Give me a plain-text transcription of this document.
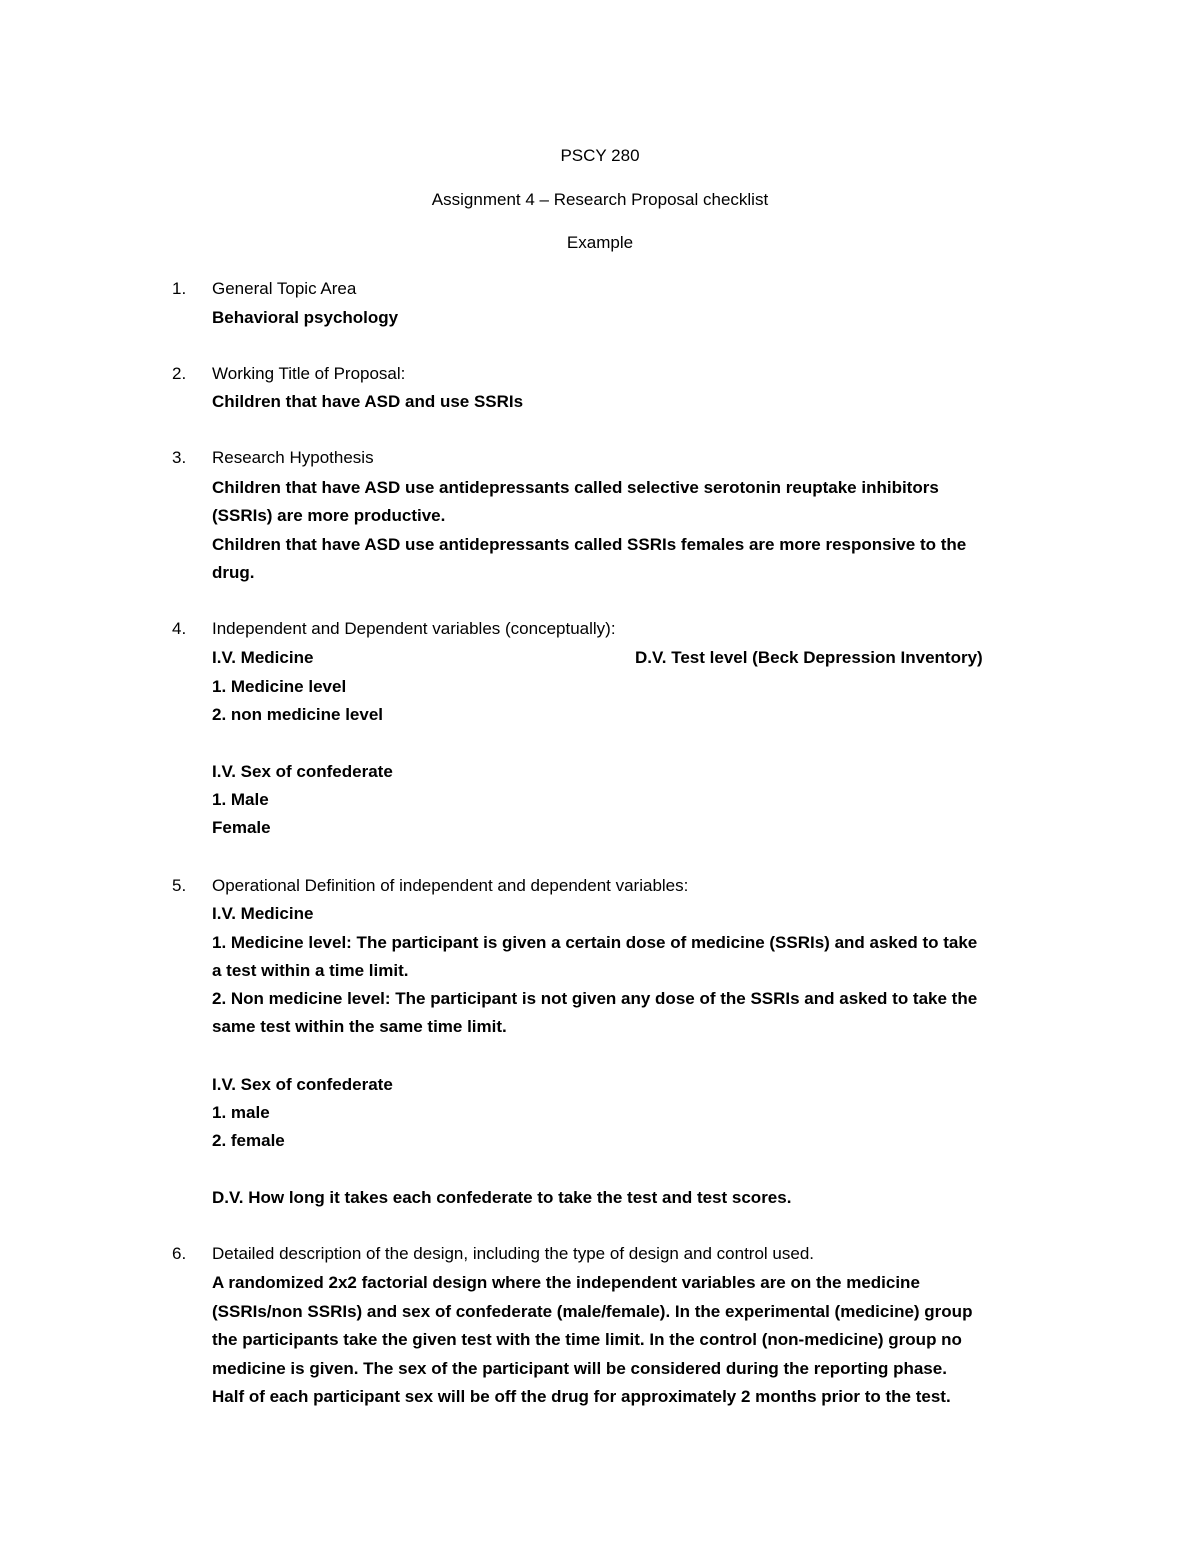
PSCY 280
Assignment 4 – Research Proposal checklist
Example
1.	General Topic Area
Behavioral psychology
2.	Working Title of Proposal:
Children that have ASD and use SSRIs
3.	Research Hypothesis
Children that have ASD use antidepressants called selective serotonin reuptake inhibitors
(SSRIs) are more productive.
Children that have ASD use antidepressants called SSRIs females are more responsive to the
drug.
4.	Independent and Dependent variables (conceptually):
I.V. Medicine	D.V. Test level (Beck Depression Inventory)
1. Medicine level
2. non medicine level
I.V. Sex of confederate
1. Male
Female
5.	Operational Definition of independent and dependent variables:
I.V. Medicine
1. Medicine level: The participant is given a certain dose of medicine (SSRIs) and asked to take
a test within a time limit.
2. Non medicine level: The participant is not given any dose of the SSRIs and asked to take the
same test within the same time limit.
I.V. Sex of confederate
1. male
2. female
D.V. How long it takes each confederate to take the test and test scores.
6.	Detailed description of the design, including the type of design and control used.
A randomized 2x2 factorial design where the independent variables are on the medicine
(SSRIs/non SSRIs) and sex of confederate (male/female). In the experimental (medicine) group
the participants take the given test with the time limit. In the control (non-medicine) group no
medicine is given. The sex of the participant will be considered during the reporting phase.
Half of each participant sex will be off the drug for approximately 2 months prior to the test.
